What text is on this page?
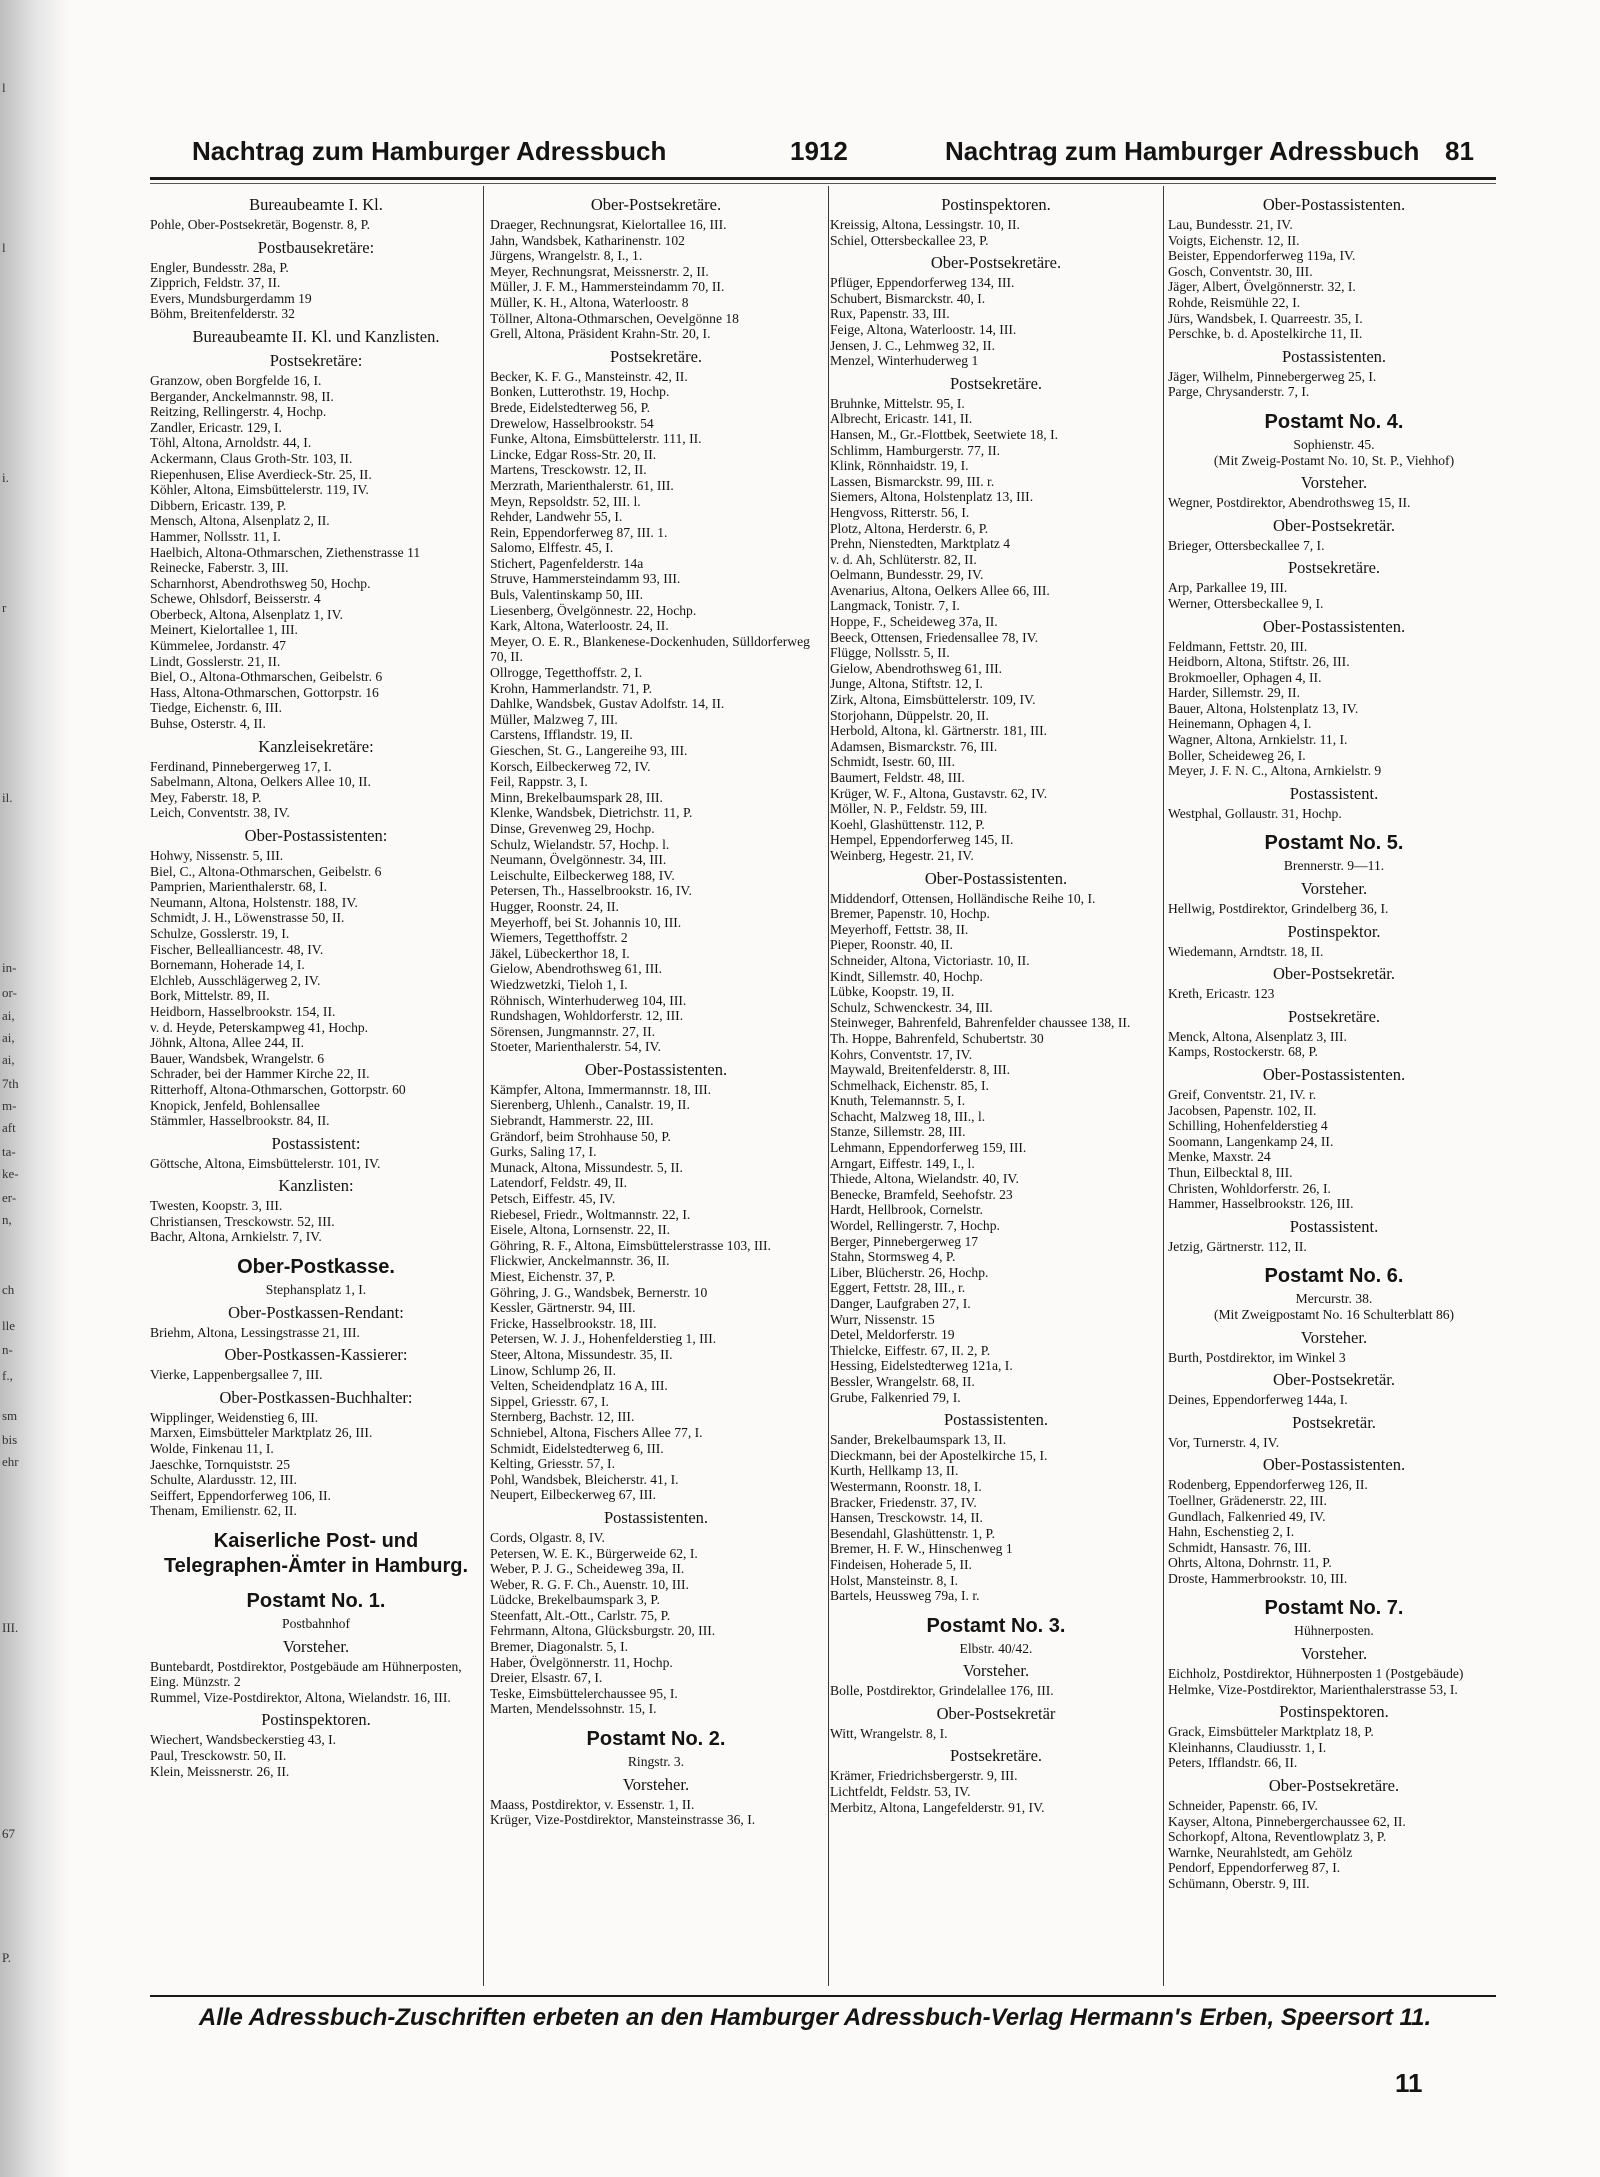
l
l
i.
r
il.
in-
or-
ai,
ai,
ai,
7th
m-
aft
ta-
ke-
er-
n,
ch
lle
n-
f.,
sm
bis
ehr
III.
67
P.
Nachtrag zum Hamburger Adressbuch	1912	Nachtrag zum Hamburger Adressbuch 81
Bureaubeamte I. Kl.
Pohle, Ober-Postsekretär, Bogenstr. 8, P.
Postbausekretäre:
Engler, Bundesstr. 28a, P.
Zipprich, Feldstr. 37, II.
Evers, Mundsburgerdamm 19
Böhm, Breitenfelderstr. 32
Bureaubeamte II. Kl. und Kanzlisten.
Postsekretäre:
Granzow, oben Borgfelde 16, I.
Bergander, Anckelmannstr. 98, II.
Reitzing, Rellingerstr. 4, Hochp.
Zandler, Ericastr. 129, I.
Töhl, Altona, Arnoldstr. 44, I.
Ackermann, Claus Groth-Str. 103, II.
Riepenhusen, Elise Averdieck-Str. 25, II.
Köhler, Altona, Eimsbüttelerstr. 119, IV.
Dibbern, Ericastr. 139, P.
Mensch, Altona, Alsenplatz 2, II.
Hammer, Nollsstr. 11, I.
Haelbich, Altona-Othmarschen, Ziethenstrasse 11
Reinecke, Faberstr. 3, III.
Scharnhorst, Abendrothsweg 50, Hochp.
Schewe, Ohlsdorf, Beisserstr. 4
Oberbeck, Altona, Alsenplatz 1, IV.
Meinert, Kielortallee 1, III.
Kümmelee, Jordanstr. 47
Lindt, Gosslerstr. 21, II.
Biel, O., Altona-Othmarschen, Geibelstr. 6
Hass, Altona-Othmarschen, Gottorpstr. 16
Tiedge, Eichenstr. 6, III.
Buhse, Osterstr. 4, II.
Kanzleisekretäre:
Ferdinand, Pinnebergerweg 17, I.
Sabelmann, Altona, Oelkers Allee 10, II.
Mey, Faberstr. 18, P.
Leich, Conventstr. 38, IV.
Ober-Postassistenten:
Hohwy, Nissenstr. 5, III.
Biel, C., Altona-Othmarschen, Geibelstr. 6
Pamprien, Marienthalerstr. 68, I.
Neumann, Altona, Holstenstr. 188, IV.
Schmidt, J. H., Löwenstrasse 50, II.
Schulze, Gosslerstr. 19, I.
Fischer, Bellealliancestr. 48, IV.
Bornemann, Hoherade 14, I.
Elchleb, Ausschlägerweg 2, IV.
Bork, Mittelstr. 89, II.
Heidborn, Hasselbrookstr. 154, II.
v. d. Heyde, Peterskampweg 41, Hochp.
Jöhnk, Altona, Allee 244, II.
Bauer, Wandsbek, Wrangelstr. 6
Schrader, bei der Hammer Kirche 22, II.
Ritterhoff, Altona-Othmarschen, Gottorpstr. 60
Knopick, Jenfeld, Bohlensallee
Stämmler, Hasselbrookstr. 84, II.
Postassistent:
Göttsche, Altona, Eimsbüttelerstr. 101, IV.
Kanzlisten:
Twesten, Koopstr. 3, III.
Christiansen, Tresckowstr. 52, III.
Bachr, Altona, Arnkielstr. 7, IV.
Ober-Postkasse.
Stephansplatz 1, I.
Ober-Postkassen-Rendant:
Briehm, Altona, Lessingstrasse 21, III.
Ober-Postkassen-Kassierer:
Vierke, Lappenbergsallee 7, III.
Ober-Postkassen-Buchhalter:
Wipplinger, Weidenstieg 6, III.
Marxen, Eimsbütteler Marktplatz 26, III.
Wolde, Finkenau 11, I.
Jaeschke, Tornquiststr. 25
Schulte, Alardusstr. 12, III.
Seiffert, Eppendorferweg 106, II.
Thenam, Emilienstr. 62, II.
Kaiserliche Post- und Telegraphen-Ämter in Hamburg.
Postamt No. 1.
Postbahnhof
Vorsteher.
Buntebardt, Postdirektor, Postgebäude am Hühnerposten, Eing. Münzstr. 2
Rummel, Vize-Postdirektor, Altona, Wielandstr. 16, III.
Postinspektoren.
Wiechert, Wandsbeckerstieg 43, I.
Paul, Tresckowstr. 50, II.
Klein, Meissnerstr. 26, II.
Ober-Postsekretäre.
Draeger, Rechnungsrat, Kielortallee 16, III.
Jahn, Wandsbek, Katharinenstr. 102
Jürgens, Wrangelstr. 8, I., 1.
Meyer, Rechnungsrat, Meissnerstr. 2, II.
Müller, J. F. M., Hammersteindamm 70, II.
Müller, K. H., Altona, Waterloostr. 8
Töllner, Altona-Othmarschen, Oevelgönne 18
Grell, Altona, Präsident Krahn-Str. 20, I.
Postsekretäre.
Becker, K. F. G., Mansteinstr. 42, II.
Bonken, Lutterothstr. 19, Hochp.
Brede, Eidelstedterweg 56, P.
Drewelow, Hasselbrookstr. 54
Funke, Altona, Eimsbüttelerstr. 111, II.
Lincke, Edgar Ross-Str. 20, II.
Martens, Tresckowstr. 12, II.
Merzrath, Marienthalerstr. 61, III.
Meyn, Repsoldstr. 52, III. l.
Rehder, Landwehr 55, I.
Rein, Eppendorferweg 87, III. 1.
Salomo, Elffestr. 45, I.
Stichert, Pagenfelderstr. 14a
Struve, Hammersteindamm 93, III.
Buls, Valentinskamp 50, III.
Liesenberg, Övelgönnestr. 22, Hochp.
Kark, Altona, Waterloostr. 24, II.
Meyer, O. E. R., Blankenese-Dockenhuden, Sülldorferweg 70, II.
Ollrogge, Tegetthoffstr. 2, I.
Krohn, Hammerlandstr. 71, P.
Dahlke, Wandsbek, Gustav Adolfstr. 14, II.
Müller, Malzweg 7, III.
Carstens, Ifflandstr. 19, II.
Gieschen, St. G., Langereihe 93, III.
Korsch, Eilbeckerweg 72, IV.
Feil, Rappstr. 3, I.
Minn, Brekelbaumspark 28, III.
Klenke, Wandsbek, Dietrichstr. 11, P.
Dinse, Grevenweg 29, Hochp.
Schulz, Wielandstr. 57, Hochp. l.
Neumann, Övelgönnestr. 34, III.
Leischulte, Eilbeckerweg 188, IV.
Petersen, Th., Hasselbrookstr. 16, IV.
Hugger, Roonstr. 24, II.
Meyerhoff, bei St. Johannis 10, III.
Wiemers, Tegetthoffstr. 2
Jäkel, Lübeckerthor 18, I.
Gielow, Abendrothsweg 61, III.
Wiedzwetzki, Tieloh 1, I.
Röhnisch, Winterhuderweg 104, III.
Rundshagen, Wohldorferstr. 12, III.
Sörensen, Jungmannstr. 27, II.
Stoeter, Marienthalerstr. 54, IV.
Ober-Postassistenten.
Kämpfer, Altona, Immermannstr. 18, III.
Sierenberg, Uhlenh., Canalstr. 19, II.
Siebrandt, Hammerstr. 22, III.
Grändorf, beim Strohhause 50, P.
Gurks, Saling 17, I.
Munack, Altona, Missundestr. 5, II.
Latendorf, Feldstr. 49, II.
Petsch, Eiffestr. 45, IV.
Riebesel, Friedr., Woltmannstr. 22, I.
Eisele, Altona, Lornsenstr. 22, II.
Göhring, R. F., Altona, Eimsbüttelerstrasse 103, III.
Flickwier, Anckelmannstr. 36, II.
Miest, Eichenstr. 37, P.
Göhring, J. G., Wandsbek, Bernerstr. 10
Kessler, Gärtnerstr. 94, III.
Fricke, Hasselbrookstr. 18, III.
Petersen, W. J. J., Hohenfelderstieg 1, III.
Steer, Altona, Missundestr. 35, II.
Linow, Schlump 26, II.
Velten, Scheidendplatz 16 A, III.
Sippel, Griesstr. 67, I.
Sternberg, Bachstr. 12, III.
Schniebel, Altona, Fischers Allee 77, I.
Schmidt, Eidelstedterweg 6, III.
Kelting, Griesstr. 57, I.
Pohl, Wandsbek, Bleicherstr. 41, I.
Neupert, Eilbeckerweg 67, III.
Postassistenten.
Cords, Olgastr. 8, IV.
Petersen, W. E. K., Bürgerweide 62, I.
Weber, P. J. G., Scheideweg 39a, II.
Weber, R. G. F. Ch., Auenstr. 10, III.
Lüdcke, Brekelbaumspark 3, P.
Steenfatt, Alt.-Ott., Carlstr. 75, P.
Fehrmann, Altona, Glücksburgstr. 20, III.
Bremer, Diagonalstr. 5, I.
Haber, Övelgönnerstr. 11, Hochp.
Dreier, Elsastr. 67, I.
Teske, Eimsbüttelerchaussee 95, I.
Marten, Mendelssohnstr. 15, I.
Postamt No. 2.
Ringstr. 3.
Vorsteher.
Maass, Postdirektor, v. Essenstr. 1, II.
Krüger, Vize-Postdirektor, Mansteinstrasse 36, I.
Postinspektoren.
Kreissig, Altona, Lessingstr. 10, II.
Schiel, Ottersbeckallee 23, P.
Ober-Postsekretäre.
Pflüger, Eppendorferweg 134, III.
Schubert, Bismarckstr. 40, I.
Rux, Papenstr. 33, III.
Feige, Altona, Waterloostr. 14, III.
Jensen, J. C., Lehmweg 32, II.
Menzel, Winterhuderweg 1
Postsekretäre.
Bruhnke, Mittelstr. 95, I.
Albrecht, Ericastr. 141, II.
Hansen, M., Gr.-Flottbek, Seetwiete 18, I.
Schlimm, Hamburgerstr. 77, II.
Klink, Rönnhaidstr. 19, I.
Lassen, Bismarckstr. 99, III. r.
Siemers, Altona, Holstenplatz 13, III.
Hengvoss, Ritterstr. 56, I.
Plotz, Altona, Herderstr. 6, P.
Prehn, Nienstedten, Marktplatz 4
v. d. Ah, Schlüterstr. 82, II.
Oelmann, Bundesstr. 29, IV.
Avenarius, Altona, Oelkers Allee 66, III.
Langmack, Tonistr. 7, I.
Hoppe, F., Scheideweg 37a, II.
Beeck, Ottensen, Friedensallee 78, IV.
Flügge, Nollsstr. 5, II.
Gielow, Abendrothsweg 61, III.
Junge, Altona, Stiftstr. 12, I.
Zirk, Altona, Eimsbüttelerstr. 109, IV.
Storjohann, Düppelstr. 20, II.
Herbold, Altona, kl. Gärtnerstr. 181, III.
Adamsen, Bismarckstr. 76, III.
Schmidt, Isestr. 60, III.
Baumert, Feldstr. 48, III.
Krüger, W. F., Altona, Gustavstr. 62, IV.
Möller, N. P., Feldstr. 59, III.
Koehl, Glashüttenstr. 112, P.
Hempel, Eppendorferweg 145, II.
Weinberg, Hegestr. 21, IV.
Ober-Postassistenten.
Middendorf, Ottensen, Holländische Reihe 10, I.
Bremer, Papenstr. 10, Hochp.
Meyerhoff, Fettstr. 38, II.
Pieper, Roonstr. 40, II.
Schneider, Altona, Victoriastr. 10, II.
Kindt, Sillemstr. 40, Hochp.
Lübke, Koopstr. 19, II.
Schulz, Schwenckestr. 34, III.
Steinweger, Bahrenfeld, Bahrenfelder chaussee 138, II.
Th. Hoppe, Bahrenfeld, Schubertstr. 30
Kohrs, Conventstr. 17, IV.
Maywald, Breitenfelderstr. 8, III.
Schmelhack, Eichenstr. 85, I.
Knuth, Telemannstr. 5, I.
Schacht, Malzweg 18, III., l.
Stanze, Sillemstr. 28, III.
Lehmann, Eppendorferweg 159, III.
Arngart, Eiffestr. 149, I., l.
Thiede, Altona, Wielandstr. 40, IV.
Benecke, Bramfeld, Seehofstr. 23
Hardt, Hellbrook, Cornelstr.
Wordel, Rellingerstr. 7, Hochp.
Berger, Pinnebergerweg 17
Stahn, Stormsweg 4, P.
Liber, Blücherstr. 26, Hochp.
Eggert, Fettstr. 28, III., r.
Danger, Laufgraben 27, I.
Wurr, Nissenstr. 15
Detel, Meldorferstr. 19
Thielcke, Eiffestr. 67, II. 2, P.
Hessing, Eidelstedterweg 121a, I.
Bessler, Wrangelstr. 68, II.
Grube, Falkenried 79, I.
Postassistenten.
Sander, Brekelbaumspark 13, II.
Dieckmann, bei der Apostelkirche 15, I.
Kurth, Hellkamp 13, II.
Westermann, Roonstr. 18, I.
Bracker, Friedenstr. 37, IV.
Hansen, Tresckowstr. 14, II.
Besendahl, Glashüttenstr. 1, P.
Bremer, H. F. W., Hinschenweg 1
Findeisen, Hoherade 5, II.
Holst, Mansteinstr. 8, I.
Bartels, Heussweg 79a, I. r.
Postamt No. 3.
Elbstr. 40/42.
Vorsteher.
Bolle, Postdirektor, Grindelallee 176, III.
Ober-Postsekretär
Witt, Wrangelstr. 8, I.
Postsekretäre.
Krämer, Friedrichsbergerstr. 9, III.
Lichtfeldt, Feldstr. 53, IV.
Merbitz, Altona, Langefelderstr. 91, IV.
Ober-Postassistenten.
Lau, Bundesstr. 21, IV.
Voigts, Eichenstr. 12, II.
Beister, Eppendorferweg 119a, IV.
Gosch, Conventstr. 30, III.
Jäger, Albert, Övelgönnerstr. 32, I.
Rohde, Reismühle 22, I.
Jürs, Wandsbek, I. Quarreestr. 35, I.
Perschke, b. d. Apostelkirche 11, II.
Postassistenten.
Jäger, Wilhelm, Pinnebergerweg 25, I.
Parge, Chrysanderstr. 7, I.
Postamt No. 4.
Sophienstr. 45.
(Mit Zweig-Postamt No. 10, St. P., Viehhof)
Vorsteher.
Wegner, Postdirektor, Abendrothsweg 15, II.
Ober-Postsekretär.
Brieger, Ottersbeckallee 7, I.
Postsekretäre.
Arp, Parkallee 19, III.
Werner, Ottersbeckallee 9, I.
Ober-Postassistenten.
Feldmann, Fettstr. 20, III.
Heidborn, Altona, Stiftstr. 26, III.
Brokmoeller, Ophagen 4, II.
Harder, Sillemstr. 29, II.
Bauer, Altona, Holstenplatz 13, IV.
Heinemann, Ophagen 4, I.
Wagner, Altona, Arnkielstr. 11, I.
Boller, Scheideweg 26, I.
Meyer, J. F. N. C., Altona, Arnkielstr. 9
Postassistent.
Westphal, Gollaustr. 31, Hochp.
Postamt No. 5.
Brennerstr. 9—11.
Vorsteher.
Hellwig, Postdirektor, Grindelberg 36, I.
Postinspektor.
Wiedemann, Arndtstr. 18, II.
Ober-Postsekretär.
Kreth, Ericastr. 123
Postsekretäre.
Menck, Altona, Alsenplatz 3, III.
Kamps, Rostockerstr. 68, P.
Ober-Postassistenten.
Greif, Conventstr. 21, IV. r.
Jacobsen, Papenstr. 102, II.
Schilling, Hohenfelderstieg 4
Soomann, Langenkamp 24, II.
Menke, Maxstr. 24
Thun, Eilbecktal 8, III.
Christen, Wohldorferstr. 26, I.
Hammer, Hasselbrookstr. 126, III.
Postassistent.
Jetzig, Gärtnerstr. 112, II.
Postamt No. 6.
Mercurstr. 38.
(Mit Zweigpostamt No. 16 Schulterblatt 86)
Vorsteher.
Burth, Postdirektor, im Winkel 3
Ober-Postsekretär.
Deines, Eppendorferweg 144a, I.
Postsekretär.
Vor, Turnerstr. 4, IV.
Ober-Postassistenten.
Rodenberg, Eppendorferweg 126, II.
Toellner, Grädenerstr. 22, III.
Gundlach, Falkenried 49, IV.
Hahn, Eschenstieg 2, I.
Schmidt, Hansastr. 76, III.
Ohrts, Altona, Dohrnstr. 11, P.
Droste, Hammerbrookstr. 10, III.
Postamt No. 7.
Hühnerposten.
Vorsteher.
Eichholz, Postdirektor, Hühnerposten 1 (Postgebäude)
Helmke, Vize-Postdirektor, Marienthalerstrasse 53, I.
Postinspektoren.
Grack, Eimsbütteler Marktplatz 18, P.
Kleinhanns, Claudiusstr. 1, I.
Peters, Ifflandstr. 66, II.
Ober-Postsekretäre.
Schneider, Papenstr. 66, IV.
Kayser, Altona, Pinnebergerchaussee 62, II.
Schorkopf, Altona, Reventlowplatz 3, P.
Warnke, Neurahlstedt, am Gehölz
Pendorf, Eppendorferweg 87, I.
Schümann, Oberstr. 9, III.
Alle Adressbuch-Zuschriften erbeten an den Hamburger Adressbuch-Verlag Hermann's Erben, Speersort 11.
11
